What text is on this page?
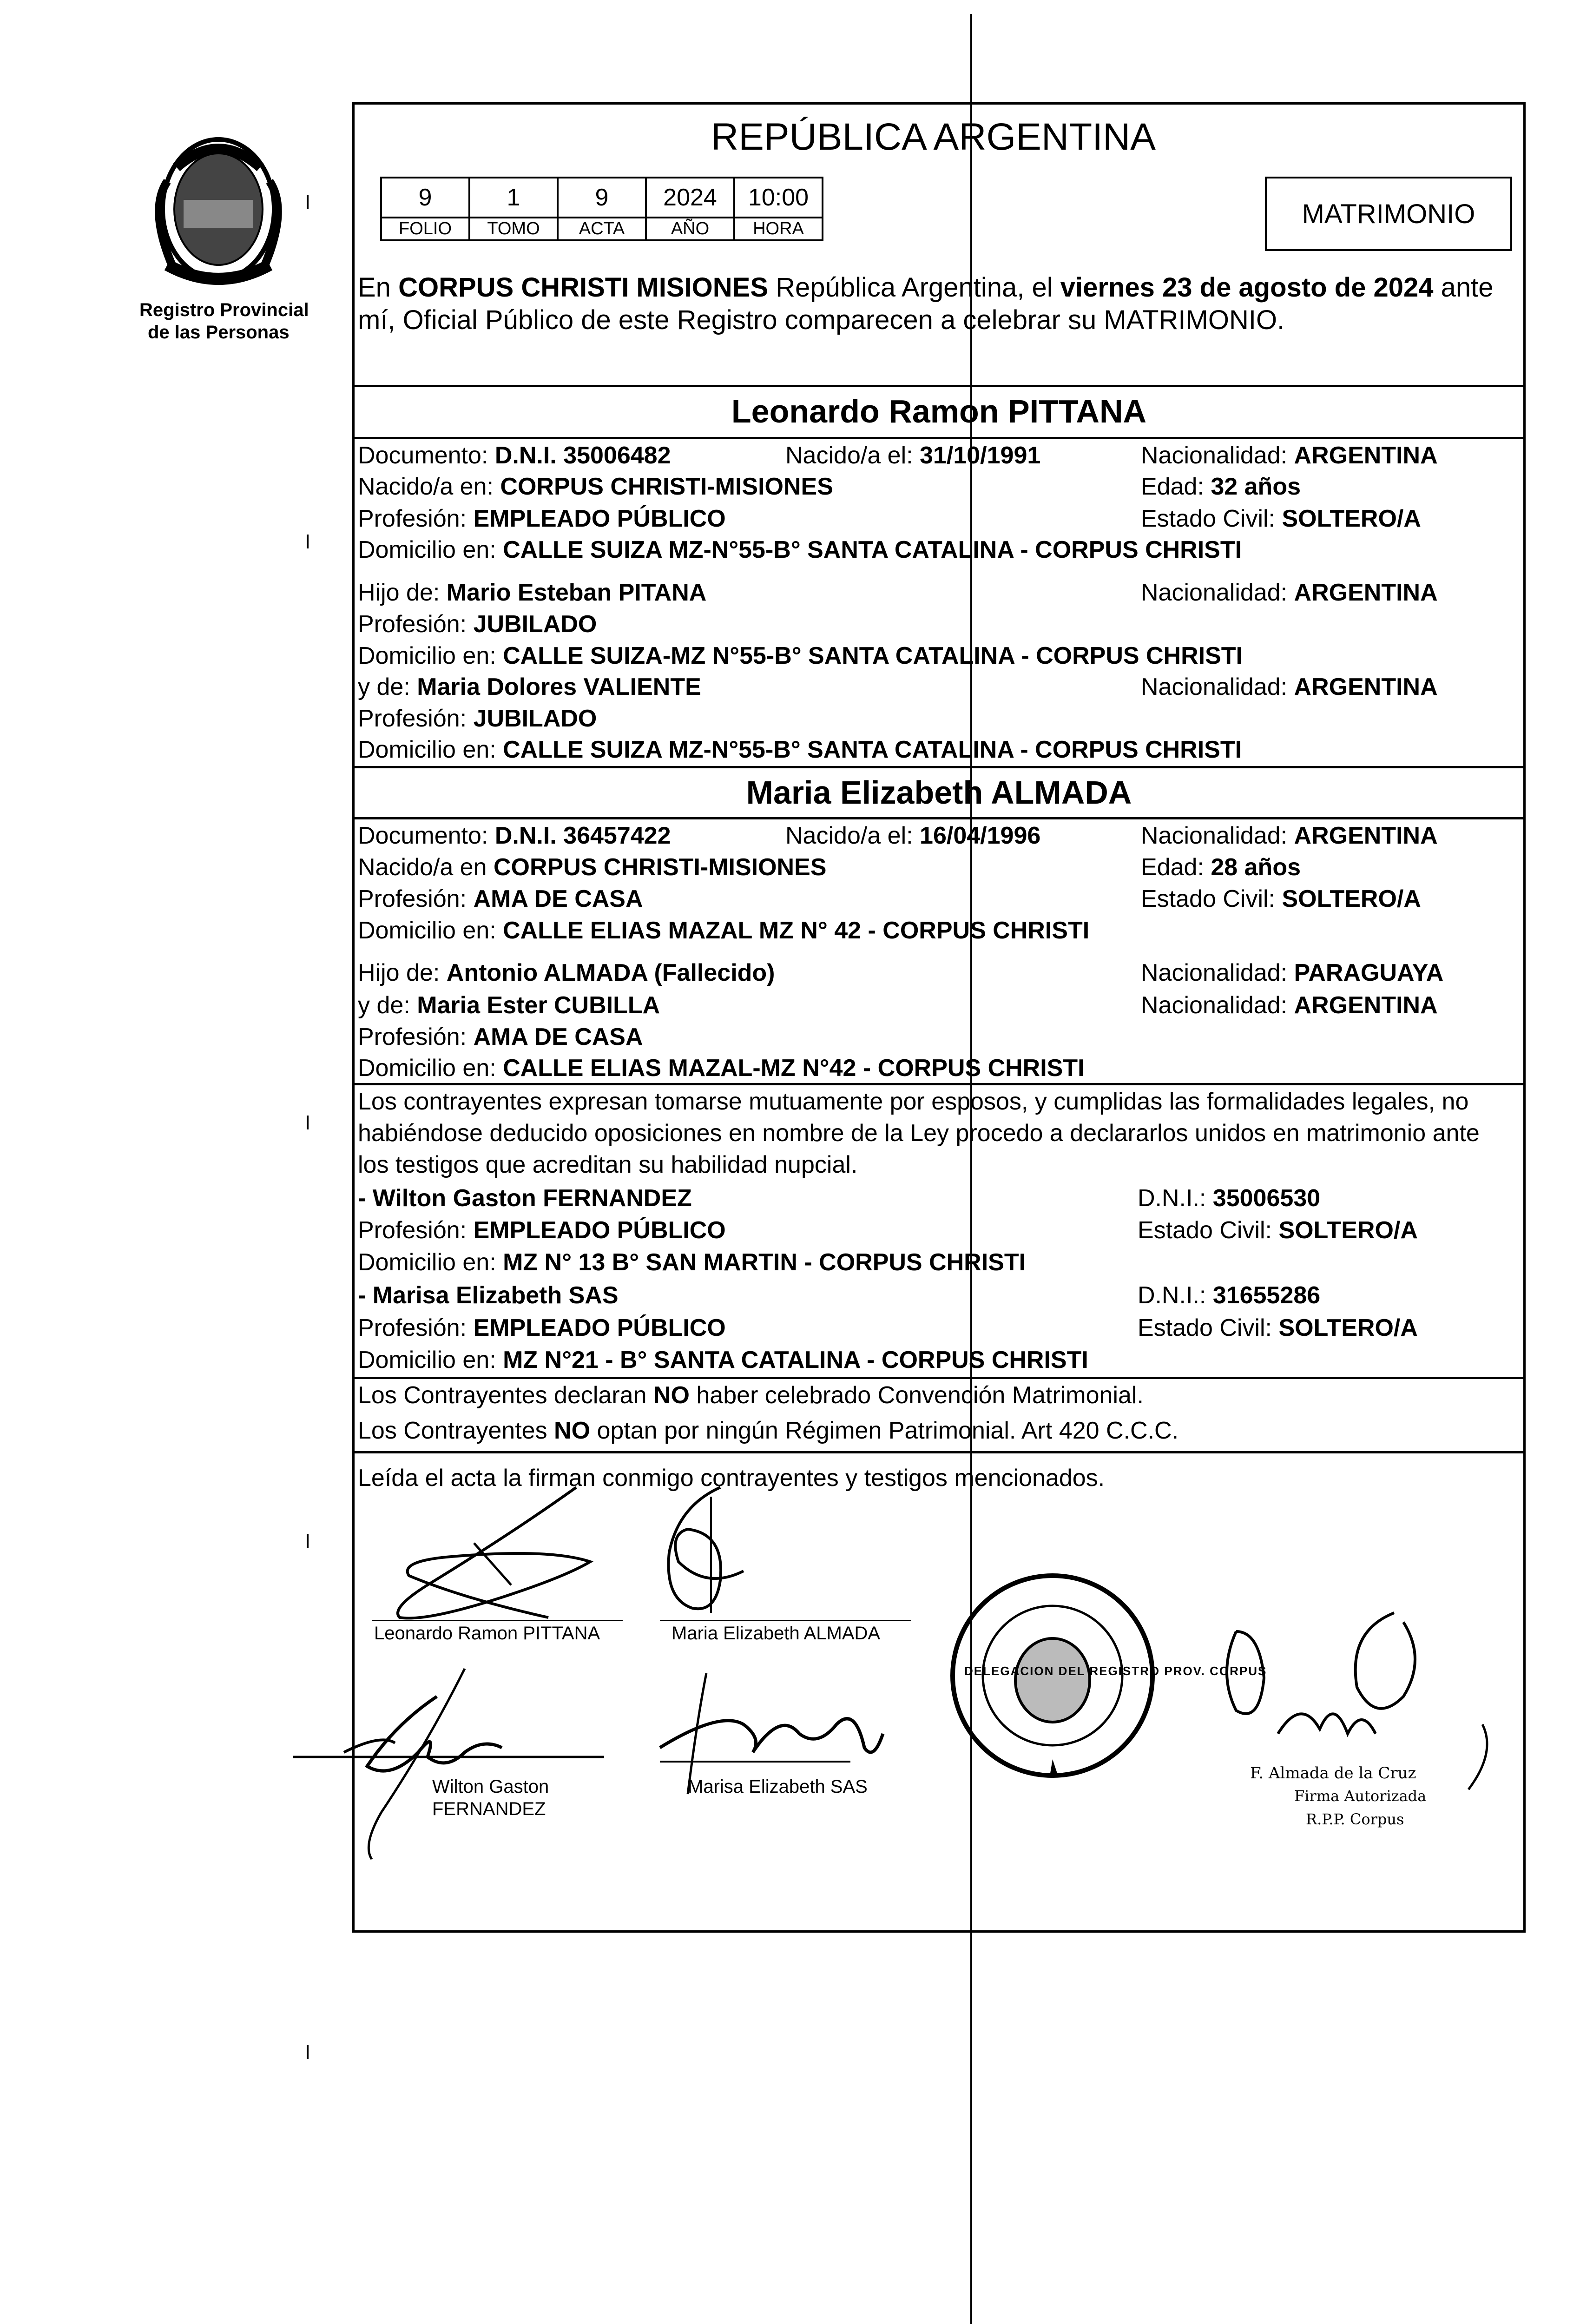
Registro Provincial
de las Personas
REPÚBLICA ARGENTINA
9	1	9	2024	10:00
FOLIO	TOMO	ACTA	AÑO	HORA	MATRIMONIO
En CORPUS CHRISTI MISIONES República Argentina, el viernes 23 de agosto de 2024 ante
mí, Oficial Público de este Registro comparecen a celebrar su MATRIMONIO.
Leonardo Ramon PITTANA
Documento: D.N.I. 35006482	Nacido/a el: 31/10/1991	Nacionalidad: ARGENTINA
Nacido/a en: CORPUS CHRISTI-MISIONES	Edad: 32 años
Profesión: EMPLEADO PÚBLICO	Estado Civil: SOLTERO/A
Domicilio en: CALLE SUIZA MZ-N°55-B° SANTA CATALINA - CORPUS CHRISTI
Hijo de: Mario Esteban PITANA	Nacionalidad: ARGENTINA
Profesión: JUBILADO
Domicilio en: CALLE SUIZA-MZ N°55-B° SANTA CATALINA - CORPUS CHRISTI
y de: Maria Dolores VALIENTE	Nacionalidad: ARGENTINA
Profesión: JUBILADO
Domicilio en: CALLE SUIZA MZ-N°55-B° SANTA CATALINA - CORPUS CHRISTI
Maria Elizabeth ALMADA
Documento: D.N.I. 36457422	Nacido/a el: 16/04/1996	Nacionalidad: ARGENTINA
Nacido/a en CORPUS CHRISTI-MISIONES	Edad: 28 años
Profesión: AMA DE CASA	Estado Civil: SOLTERO/A
Domicilio en: CALLE ELIAS MAZAL MZ N° 42 - CORPUS CHRISTI
Hijo de: Antonio ALMADA (Fallecido)	Nacionalidad: PARAGUAYA
y de: Maria Ester CUBILLA	Nacionalidad: ARGENTINA
Profesión: AMA DE CASA
Domicilio en: CALLE ELIAS MAZAL-MZ N°42 - CORPUS CHRISTI
Los contrayentes expresan tomarse mutuamente por esposos, y cumplidas las formalidades legales, no
habiéndose deducido oposiciones en nombre de la Ley procedo a declararlos unidos en matrimonio ante
los testigos que acreditan su habilidad nupcial.
- Wilton Gaston FERNANDEZ	D.N.I.: 35006530
Profesión: EMPLEADO PÚBLICO	Estado Civil: SOLTERO/A
Domicilio en: MZ N° 13 B° SAN MARTIN - CORPUS CHRISTI
- Marisa Elizabeth SAS	D.N.I.: 31655286
Profesión: EMPLEADO PÚBLICO	Estado Civil: SOLTERO/A
Domicilio en: MZ N°21 - B° SANTA CATALINA - CORPUS CHRISTI
Los Contrayentes declaran NO haber celebrado Convención Matrimonial.
Los Contrayentes NO optan por ningún Régimen Patrimonial. Art 420 C.C.C.
Leída el acta la firman conmigo contrayentes y testigos mencionados.
Leonardo Ramon PITTANA	Maria Elizabeth ALMADA
Wilton Gaston
FERNANDEZ
Marisa Elizabeth SAS
DELEGACION DEL REGISTRO PROV. CORPUS
F. Almada de la Cruz
Firma Autorizada
R.P.P. Corpus
